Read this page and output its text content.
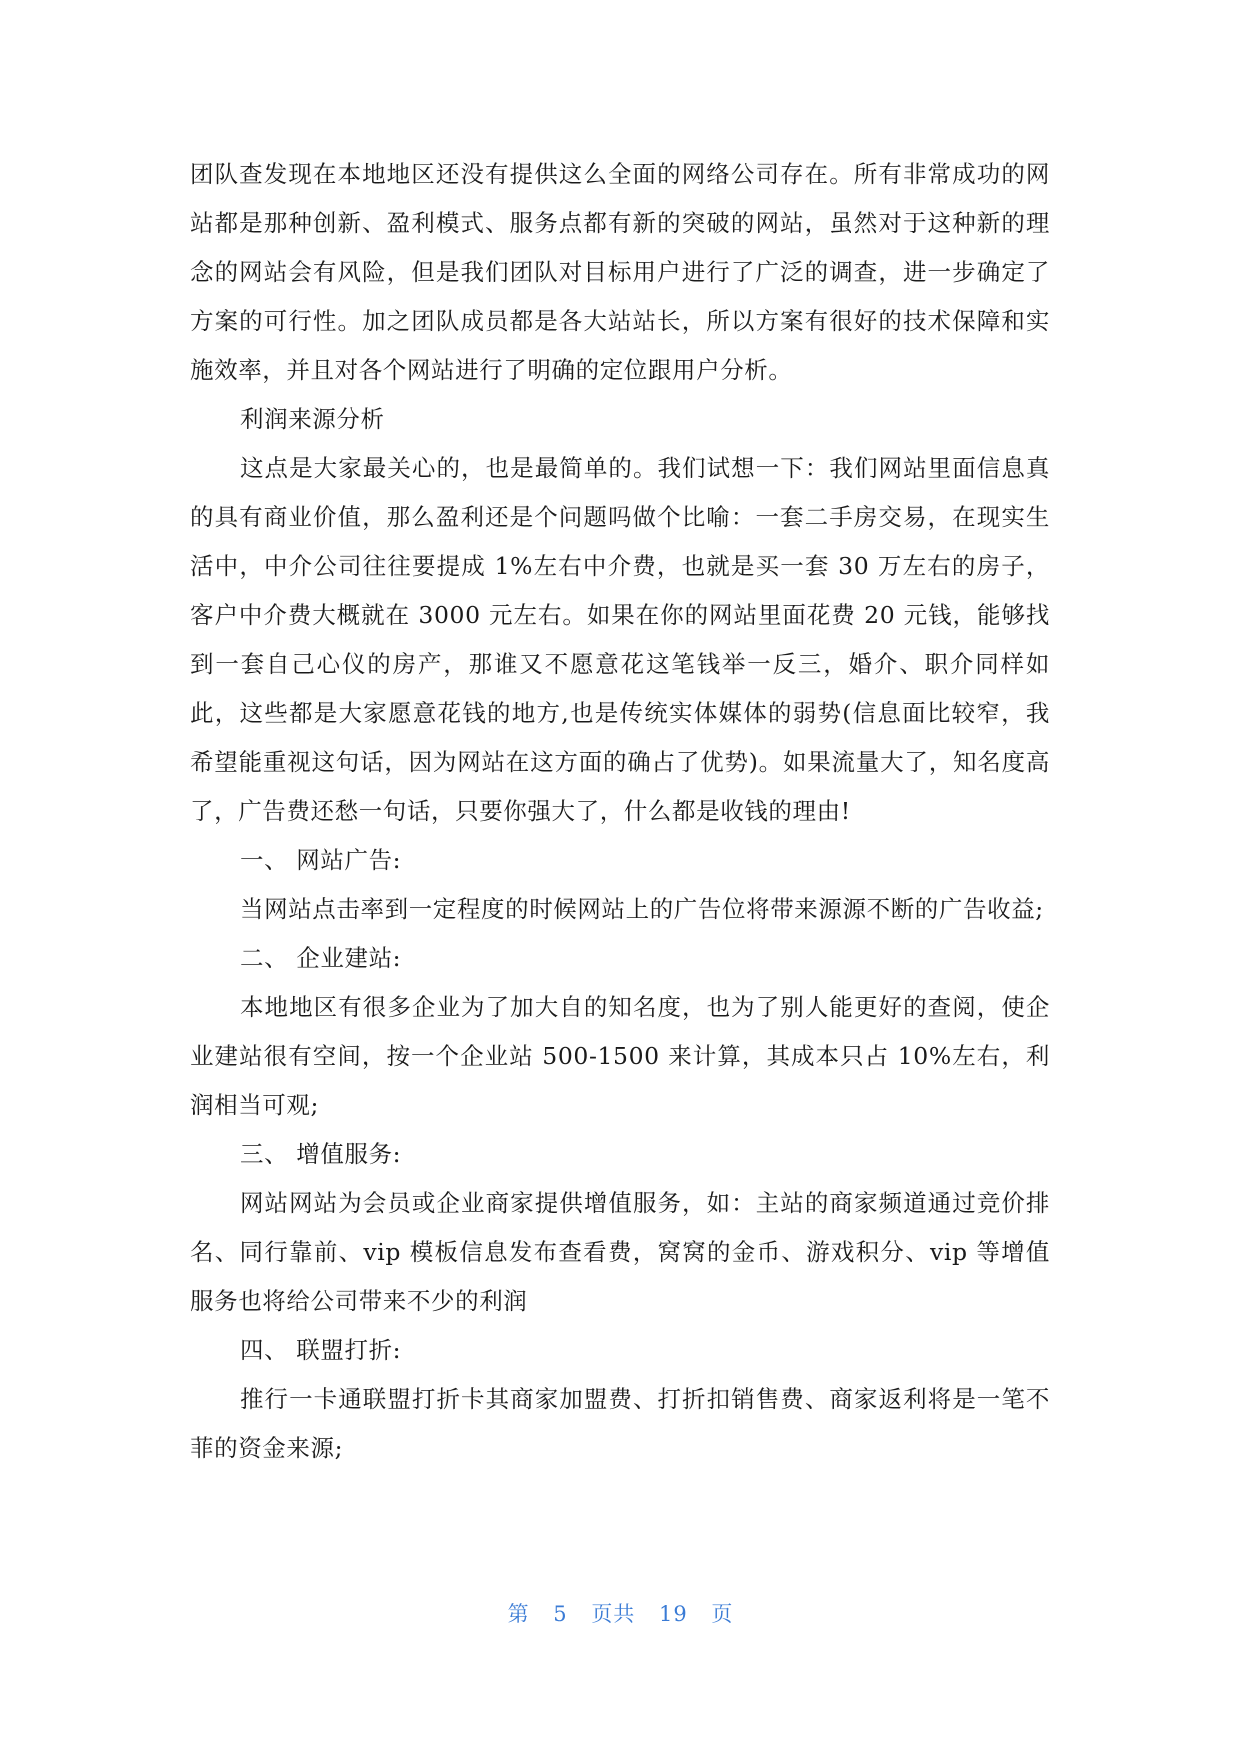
团队查发现在本地地区还没有提供这么全面的网络公司存在。所有非常成功的网站都是那种创新、盈利模式、服务点都有新的突破的网站，虽然对于这种新的理念的网站会有风险，但是我们团队对目标用户进行了广泛的调查，进一步确定了方案的可行性。加之团队成员都是各大站站长，所以方案有很好的技术保障和实施效率，并且对各个网站进行了明确的定位跟用户分析。

利润来源分析

这点是大家最关心的，也是最简单的。我们试想一下：我们网站里面信息真的具有商业价值，那么盈利还是个问题吗做个比喻：一套二手房交易，在现实生活中，中介公司往往要提成 1%左右中介费，也就是买一套 30 万左右的房子，客户中介费大概就在 3000 元左右。如果在你的网站里面花费 20 元钱，能够找到一套自己心仪的房产，那谁又不愿意花这笔钱举一反三，婚介、职介同样如此，这些都是大家愿意花钱的地方,也是传统实体媒体的弱势(信息面比较窄，我希望能重视这句话，因为网站在这方面的确占了优势)。如果流量大了，知名度高了，广告费还愁一句话，只要你强大了，什么都是收钱的理由!

一、 网站广告:

当网站点击率到一定程度的时候网站上的广告位将带来源源不断的广告收益;

二、 企业建站:

本地地区有很多企业为了加大自的知名度，也为了别人能更好的查阅，使企业建站很有空间，按一个企业站 500-1500 来计算，其成本只占 10%左右，利润相当可观;

三、 增值服务:

网站网站为会员或企业商家提供增值服务，如：主站的商家频道通过竞价排名、同行靠前、vip 模板信息发布查看费，窝窝的金币、游戏积分、vip 等增值服务也将给公司带来不少的利润

四、 联盟打折:

推行一卡通联盟打折卡其商家加盟费、打折扣销售费、商家返利将是一笔不菲的资金来源;

第 5 页共 19 页
